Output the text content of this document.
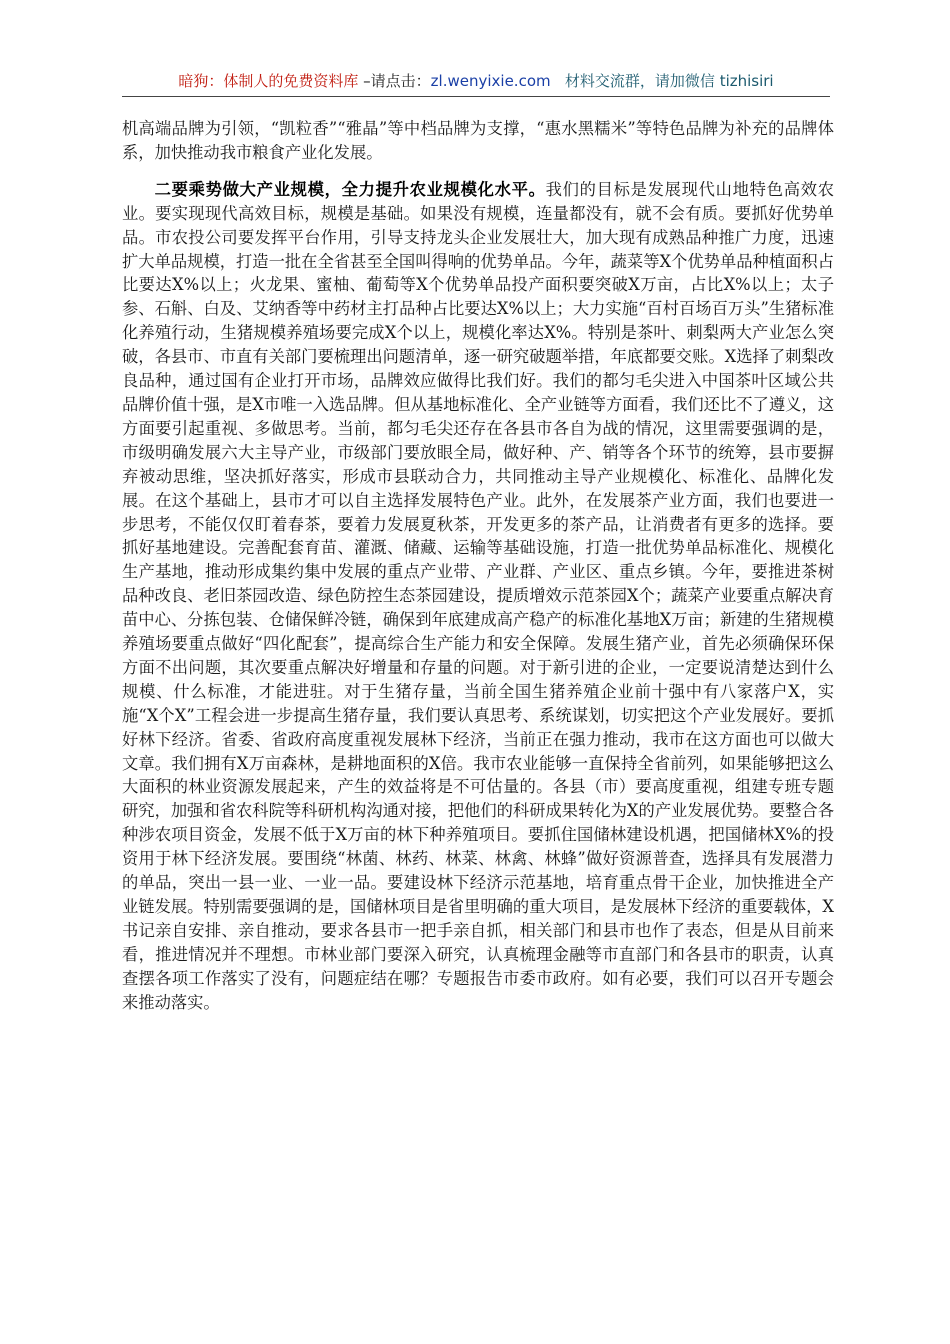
暗狗：体制人的免费资料库 –请点击：zl.wenyixie.com 材料交流群，请加微信 tizhisiri

机高端品牌为引领，“凯粒香”“雅晶”等中档品牌为支撑，“惠水黑糯米”等特色品牌为补充的品牌体系，加快推动我市粮食产业化发展。

二要乘势做大产业规模，全力提升农业规模化水平。我们的目标是发展现代山地特色高效农业。要实现现代高效目标，规模是基础。如果没有规模，连量都没有，就不会有质。要抓好优势单品。市农投公司要发挥平台作用，引导支持龙头企业发展壮大，加大现有成熟品种推广力度，迅速扩大单品规模，打造一批在全省甚至全国叫得响的优势单品。今年，蔬菜等X个优势单品种植面积占比要达X%以上；火龙果、蜜柚、葡萄等X个优势单品投产面积要突破X万亩，占比X%以上；太子参、石斛、白及、艾纳香等中药材主打品种占比要达X%以上；大力实施“百村百场百万头”生猪标准化养殖行动，生猪规模养殖场要完成X个以上，规模化率达X%。特别是茶叶、刺梨两大产业怎么突破，各县市、市直有关部门要梳理出问题清单，逐一研究破题举措，年底都要交账。X选择了刺梨改良品种，通过国有企业打开市场，品牌效应做得比我们好。我们的都匀毛尖进入中国茶叶区域公共品牌价值十强，是X市唯一入选品牌。但从基地标准化、全产业链等方面看，我们还比不了遵义，这方面要引起重视、多做思考。当前，都匀毛尖还存在各县市各自为战的情况，这里需要强调的是，市级明确发展六大主导产业，市级部门要放眼全局，做好种、产、销等各个环节的统筹，县市要摒弃被动思维，坚决抓好落实，形成市县联动合力，共同推动主导产业规模化、标准化、品牌化发展。在这个基础上，县市才可以自主选择发展特色产业。此外，在发展茶产业方面，我们也要进一步思考，不能仅仅盯着春茶，要着力发展夏秋茶，开发更多的茶产品，让消费者有更多的选择。要抓好基地建设。完善配套育苗、灌溉、储藏、运输等基础设施，打造一批优势单品标准化、规模化生产基地，推动形成集约集中发展的重点产业带、产业群、产业区、重点乡镇。今年，要推进茶树品种改良、老旧茶园改造、绿色防控生态茶园建设，提质增效示范茶园X个；蔬菜产业要重点解决育苗中心、分拣包装、仓储保鲜冷链，确保到年底建成高产稳产的标准化基地X万亩；新建的生猪规模养殖场要重点做好“四化配套”，提高综合生产能力和安全保障。发展生猪产业，首先必须确保环保方面不出问题，其次要重点解决好增量和存量的问题。对于新引进的企业，一定要说清楚达到什么规模、什么标准，才能进驻。对于生猪存量，当前全国生猪养殖企业前十强中有八家落户X，实施“X个X”工程会进一步提高生猪存量，我们要认真思考、系统谋划，切实把这个产业发展好。要抓好林下经济。省委、省政府高度重视发展林下经济，当前正在强力推动，我市在这方面也可以做大文章。我们拥有X万亩森林，是耕地面积的X倍。我市农业能够一直保持全省前列，如果能够把这么大面积的林业资源发展起来，产生的效益将是不可估量的。各县（市）要高度重视，组建专班专题研究，加强和省农科院等科研机构沟通对接，把他们的科研成果转化为X的产业发展优势。要整合各种涉农项目资金，发展不低于X万亩的林下种养殖项目。要抓住国储林建设机遇，把国储林X%的投资用于林下经济发展。要围绕“林菌、林药、林菜、林禽、林蜂”做好资源普查，选择具有发展潜力的单品，突出一县一业、一业一品。要建设林下经济示范基地，培育重点骨干企业，加快推进全产业链发展。特别需要强调的是，国储林项目是省里明确的重大项目，是发展林下经济的重要载体，X书记亲自安排、亲自推动，要求各县市一把手亲自抓，相关部门和县市也作了表态，但是从目前来看，推进情况并不理想。市林业部门要深入研究，认真梳理金融等市直部门和各县市的职责，认真查摆各项工作落实了没有，问题症结在哪？专题报告市委市政府。如有必要，我们可以召开专题会来推动落实。
